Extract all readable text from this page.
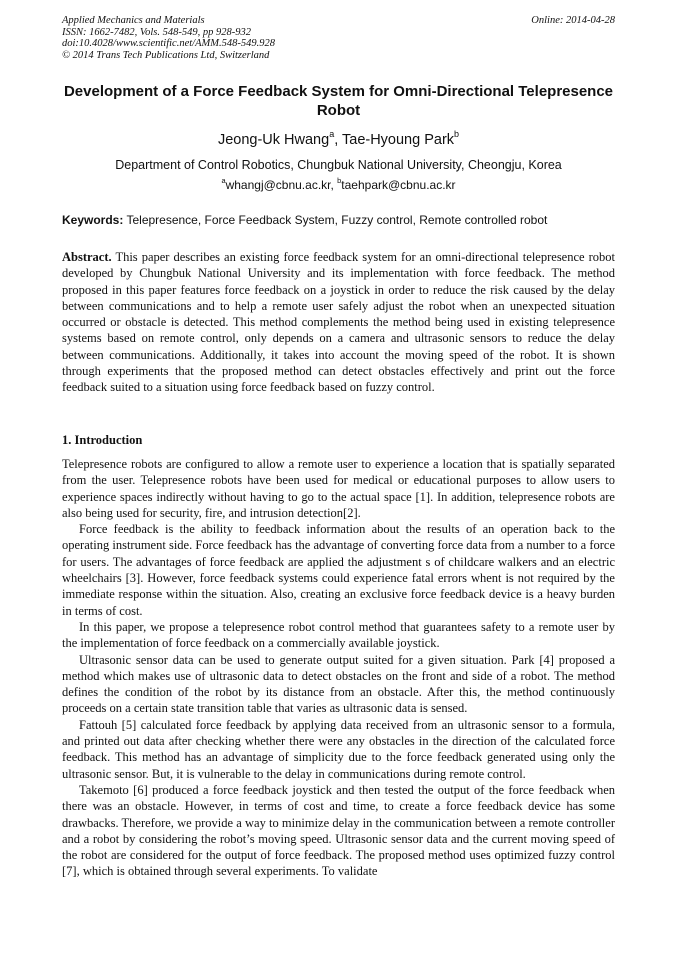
Applied Mechanics and Materials
ISSN: 1662-7482, Vols. 548-549, pp 928-932
doi:10.4028/www.scientific.net/AMM.548-549.928
© 2014 Trans Tech Publications Ltd, Switzerland
Online: 2014-04-28
Development of a Force Feedback System for Omni-Directional Telepresence Robot
Jeong-Uk Hwang$^a$, Tae-Hyoung Park$^b$
Department of Control Robotics, Chungbuk National University, Cheongju, Korea
$^a$whangj@cbnu.ac.kr, $^b$taehpark@cbnu.ac.kr
Keywords: Telepresence, Force Feedback System, Fuzzy control, Remote controlled robot
Abstract. This paper describes an existing force feedback system for an omni-directional telepresence robot developed by Chungbuk National University and its implementation with force feedback. The method proposed in this paper features force feedback on a joystick in order to reduce the risk caused by the delay between communications and to help a remote user safely adjust the robot when an unexpected situation occurred or obstacle is detected. This method complements the method being used in existing telepresence systems based on remote control, only depends on a camera and ultrasonic sensors to reduce the delay between communications. Additionally, it takes into account the moving speed of the robot. It is shown through experiments that the proposed method can detect obstacles effectively and print out the force feedback suited to a situation using force feedback based on fuzzy control.
1. Introduction

Telepresence robots are configured to allow a remote user to experience a location that is spatially separated from the user. Telepresence robots have been used for medical or educational purposes to allow users to experience spaces indirectly without having to go to the actual space [1]. In addition, telepresence robots are also being used for security, fire, and intrusion detection[2].

Force feedback is the ability to feedback information about the results of an operation back to the operating instrument side. Force feedback has the advantage of converting force data from a number to a force for users. The advantages of force feedback are applied the adjustment s of childcare walkers and an electric wheelchairs [3]. However, force feedback systems could experience fatal errors whent is not required by the immediate response within the situation. Also, creating an exclusive force feedback device is a heavy burden in terms of cost.

In this paper, we propose a telepresence robot control method that guarantees safety to a remote user by the implementation of force feedback on a commercially available joystick.

Ultrasonic sensor data can be used to generate output suited for a given situation. Park [4] proposed a method which makes use of ultrasonic data to detect obstacles on the front and side of a robot. The method defines the condition of the robot by its distance from an obstacle. After this, the method continuously proceeds on a certain state transition table that varies as ultrasonic data is sensed.

Fattouh [5] calculated force feedback by applying data received from an ultrasonic sensor to a formula, and printed out data after checking whether there were any obstacles in the direction of the calculated force feedback. This method has an advantage of simplicity due to the force feedback generated using only the ultrasonic sensor. But, it is vulnerable to the delay in communications during remote control.

Takemoto [6] produced a force feedback joystick and then tested the output of the force feedback when there was an obstacle. However, in terms of cost and time, to create a force feedback device has some drawbacks. Therefore, we provide a way to minimize delay in the communication between a remote controller and a robot by considering the robot’s moving speed. Ultrasonic sensor data and the current moving speed of the robot are considered for the output of force feedback. The proposed method uses optimized fuzzy control [7], which is obtained through several experiments. To validate
